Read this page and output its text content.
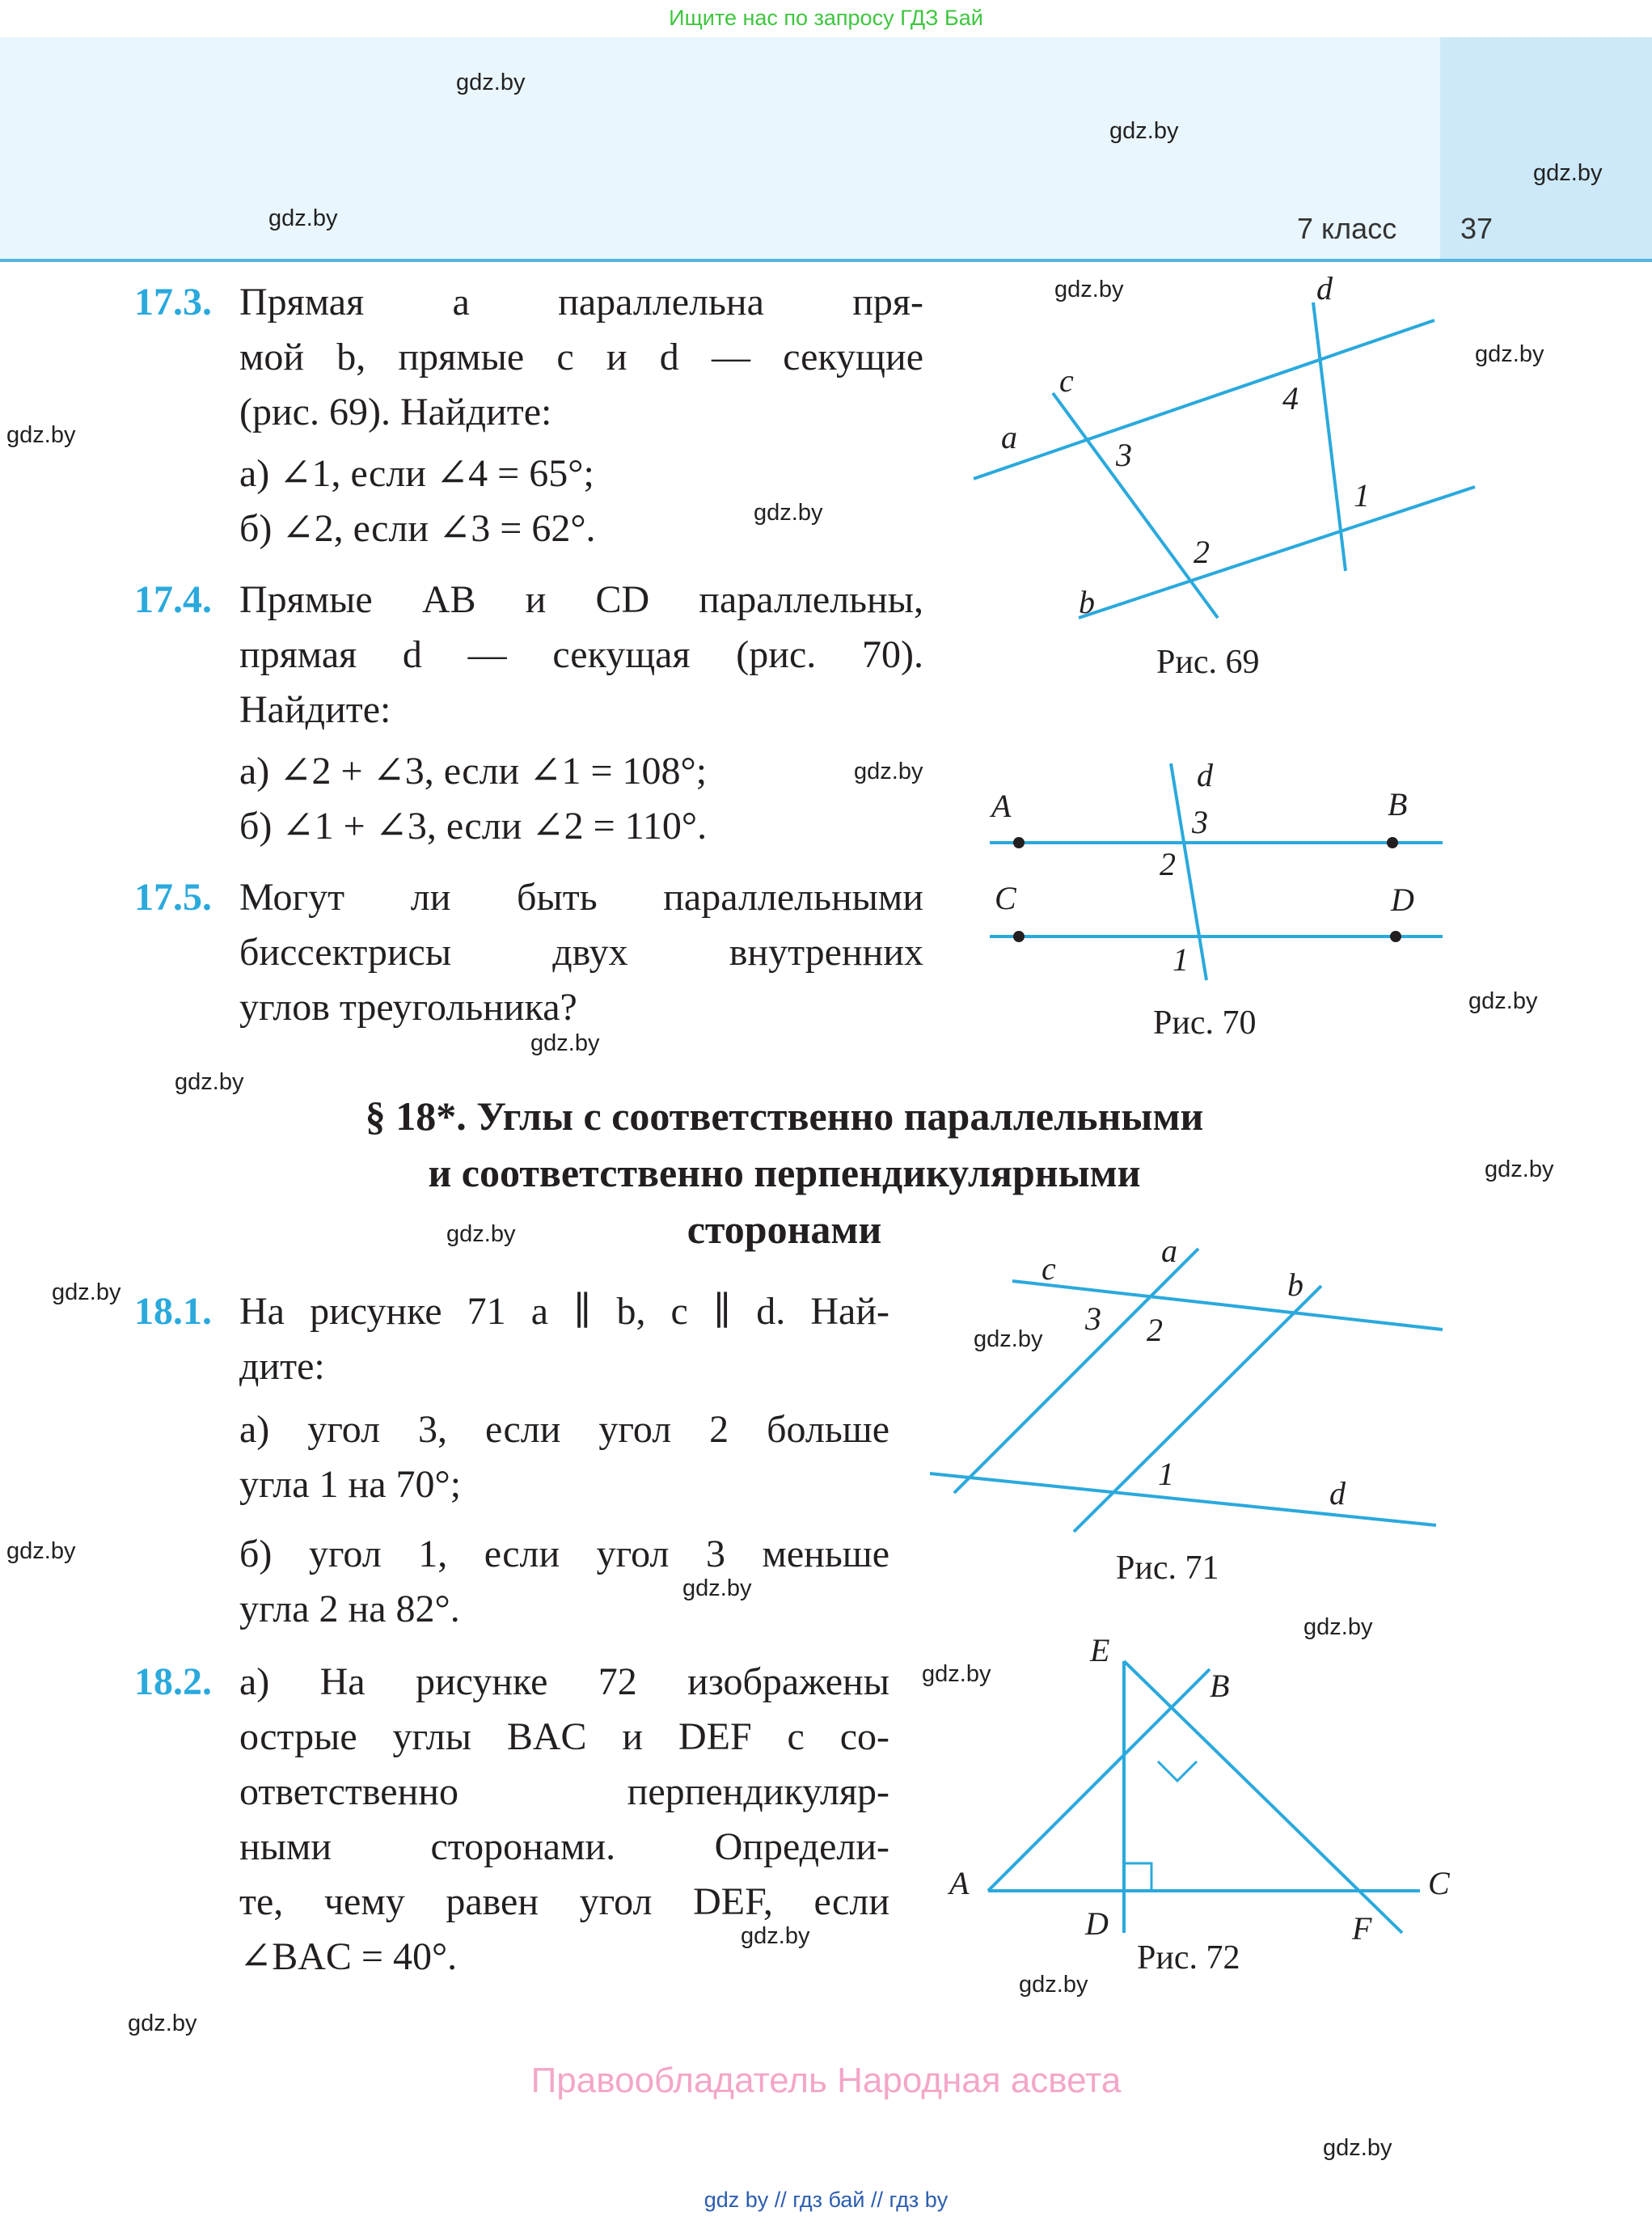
Ищите нас по запросу ГДЗ Бай
7 класс 37
gdz.by
gdz.by
gdz.by
gdz.by
gdz.by
gdz.by
gdz.by
gdz.by
gdz.by
gdz.by
gdz.by
gdz.by
gdz.by
gdz.by
gdz.by
gdz.by
gdz.by
gdz.by
gdz.by
gdz.by
gdz.by
gdz.by
gdz.by
gdz.by
17.3. Прямая a параллельна пря-
мой b, прямые c и d — секущие
(рис. 69). Найдите:
а) ∠1, если ∠4 = 65°;
б) ∠2, если ∠3 = 62°.
17.4. Прямые AB и CD параллельны,
прямая d — секущая (рис. 70).
Найдите:
а) ∠2 + ∠3, если ∠1 = 108°;
б) ∠1 + ∠3, если ∠2 = 110°.
17.5. Могут ли быть параллельными
биссектрисы двух внутренних
углов треугольника?
§ 18*. Углы с соответственно параллельными
и соответственно перпендикулярными
сторонами
18.1. На рисунке 71 a ∥ b, c ∥ d. Най-
дите:
а) угол 3, если угол 2 больше
угла 1 на 70°;
б) угол 1, если угол 3 меньше
угла 2 на 82°.
18.2. а) На рисунке 72 изображены
острые углы BAC и DEF с со-
ответственно перпендикуляр-
ными сторонами. Определи-
те, чему равен угол DEF, если
∠BAC = 40°.
d
c
a
4
3
1
2
b
Рис. 69
A
d
3	B
2
C	D
1
Рис. 70
c	a
b
3 2
1
d
Рис. 71
E
B
A	C
D	F
Рис. 72
Правообладатель Народная асвета
gdz by // гдз бай // гдз by
